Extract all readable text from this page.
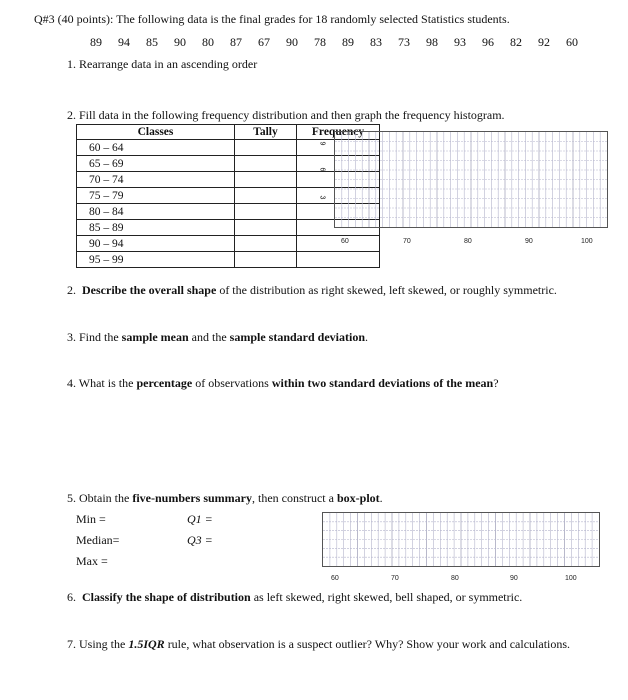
Q#3 (40 points): The following data is the final grades for 18 randomly selected Statistics students.
89 94 85 90 80 87 67 90 78 89 83 73 98 93 96 82 92 60
1. Rearrange data in an ascending order
2. Fill data in the following frequency distribution and then graph the frequency histogram.
Classes	Tally	Frequency
60 – 64		
65 – 69		
70 – 74		
75 – 79		
80 – 84		
85 – 89		
90 – 94		
95 – 99		
9
6
3
60	70	80	90	100
2. Describe the overall shape of the distribution as right skewed, left skewed, or roughly symmetric.
3. Find the sample mean and the sample standard deviation.
4. What is the percentage of observations within two standard deviations of the mean?
5. Obtain the five-numbers summary, then construct a box-plot.
Min =	Q1 =
Median=	Q3 =
Max =
60	70	80	90	100
6. Classify the shape of distribution as left skewed, right skewed, bell shaped, or symmetric.
7. Using the 1.5IQR rule, what observation is a suspect outlier? Why? Show your work and calculations.
